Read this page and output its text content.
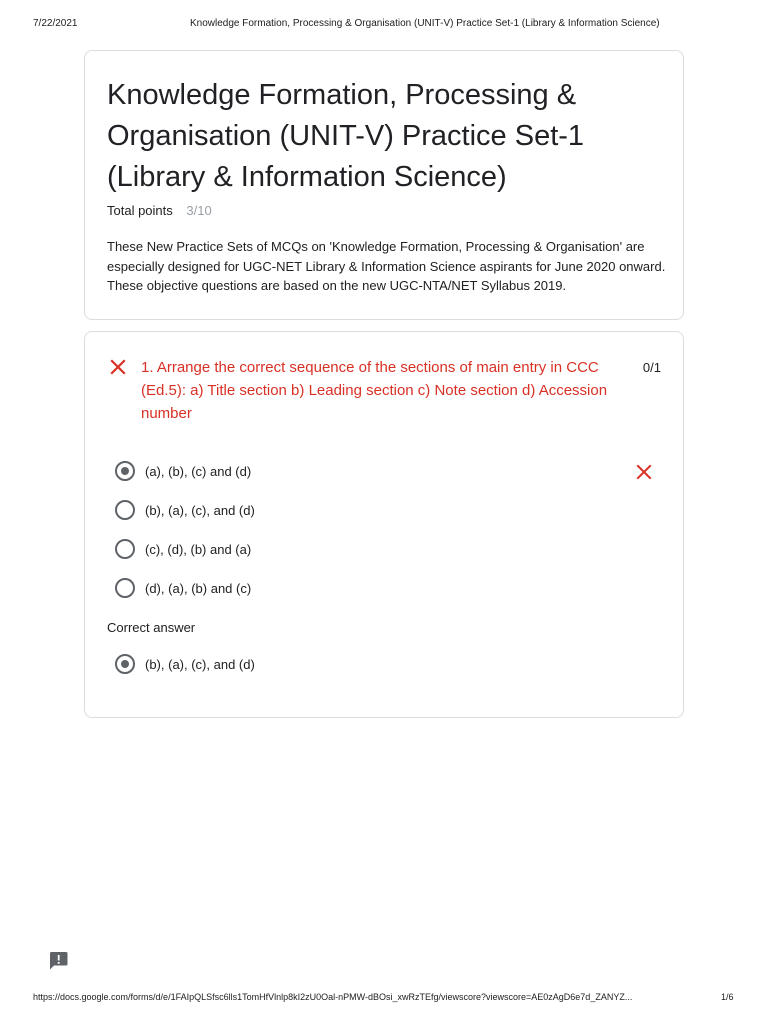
7/22/2021	Knowledge Formation, Processing & Organisation (UNIT-V) Practice Set-1 (Library & Information Science)
Knowledge Formation, Processing & Organisation (UNIT-V) Practice Set-1 (Library & Information Science)
Total points 3/10

These New Practice Sets of MCQs on 'Knowledge Formation, Processing & Organisation' are especially designed for UGC-NET Library & Information Science aspirants for June 2020 onward. These objective questions are based on the new UGC-NTA/NET Syllabus 2019.

1. Arrange the correct sequence of the sections of main entry in CCC (Ed.5): a) Title section b) Leading section c) Note section d) Accession number
0/1
(a), (b), (c) and (d)
(b), (a), (c), and (d)
(c), (d), (b) and (a)
(d), (a), (b) and (c)
Correct answer
(b), (a), (c), and (d)
https://docs.google.com/forms/d/e/1FAIpQLSfsc6lls1TomHfVlnlp8kI2zU0Oal-nPMW-dBOsi_xwRzTEfg/viewscore?viewscore=AE0zAgD6e7d_ZANYZ...	1/6
